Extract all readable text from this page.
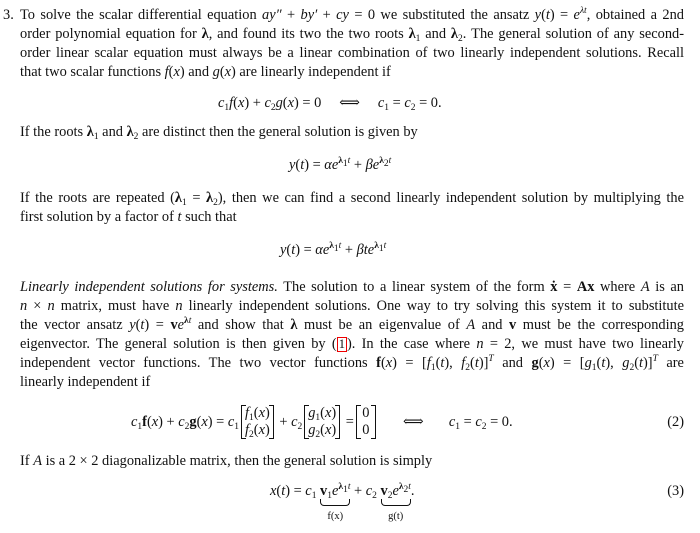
3. To solve the scalar differential equation ay″ + by′ + cy = 0 we substituted the ansatz $y(t) = e^{\lambda t}$, obtained a 2nd
order polynomial equation for λ, and found its two the two roots $\lambda_1$ and $\lambda_2$. The general solution of any second-
order linear scalar equation must always be a linear combination of two linearly independent solutions. Recall
that two scalar functions f(x) and g(x) are linearly independent if
$c_1f(x) + c_2g(x) = 0$     ⟺     $c_1 = c_2 = 0$.
If the roots $\lambda_1$ and $\lambda_2$ are distinct then the general solution is given by
$y(t) = \alpha e^{\lambda_1t} + \beta e^{\lambda_2t}$
If the roots are repeated $(\lambda_1 = \lambda_2)$, then we can find a second linearly independent solution by multiplying the
first solution by a factor of t such that
$y(t) = \alpha e^{\lambda_1t} + \beta te^{\lambda_1t}$
Linearly independent solutions for systems. The solution to a linear system of the form ẋ = Ax where A is an
n × n matrix, must have n linearly independent solutions. One way to try solving this system it to substitute
the vector ansatz $y(t) = ve^{\lambda t}$ and show that λ must be an eigenvalue of A and v must be the corresponding
eigenvector. The general solution is then given by ( 1 ). In the case where n = 2, we must have two linearly
independent vector functions. The two vector functions $f(x) = [f_1(t)$, $f_2(t)]^T$ and $g(x) = [g_1(t)$, $g_2(t)]^T$ are
linearly independent if
$c_1f(x) + c_2g(x) = c_1$
$f_1(x)$
$f_2(x)$
+ $c_2$
$g_1(x)$
$g_2(x)$
=
0
0
⟺	$c_1 = c_2 = 0$.	(2)
If A is a 2 × 2 diagonalizable matrix, then the general solution is simply
$x(t) = c_1$ $v_1e^{\lambda_1t}$
f(x)
+ $c_2$ $v_2e^{\lambda_2t}$
g(t)
.	(3)
